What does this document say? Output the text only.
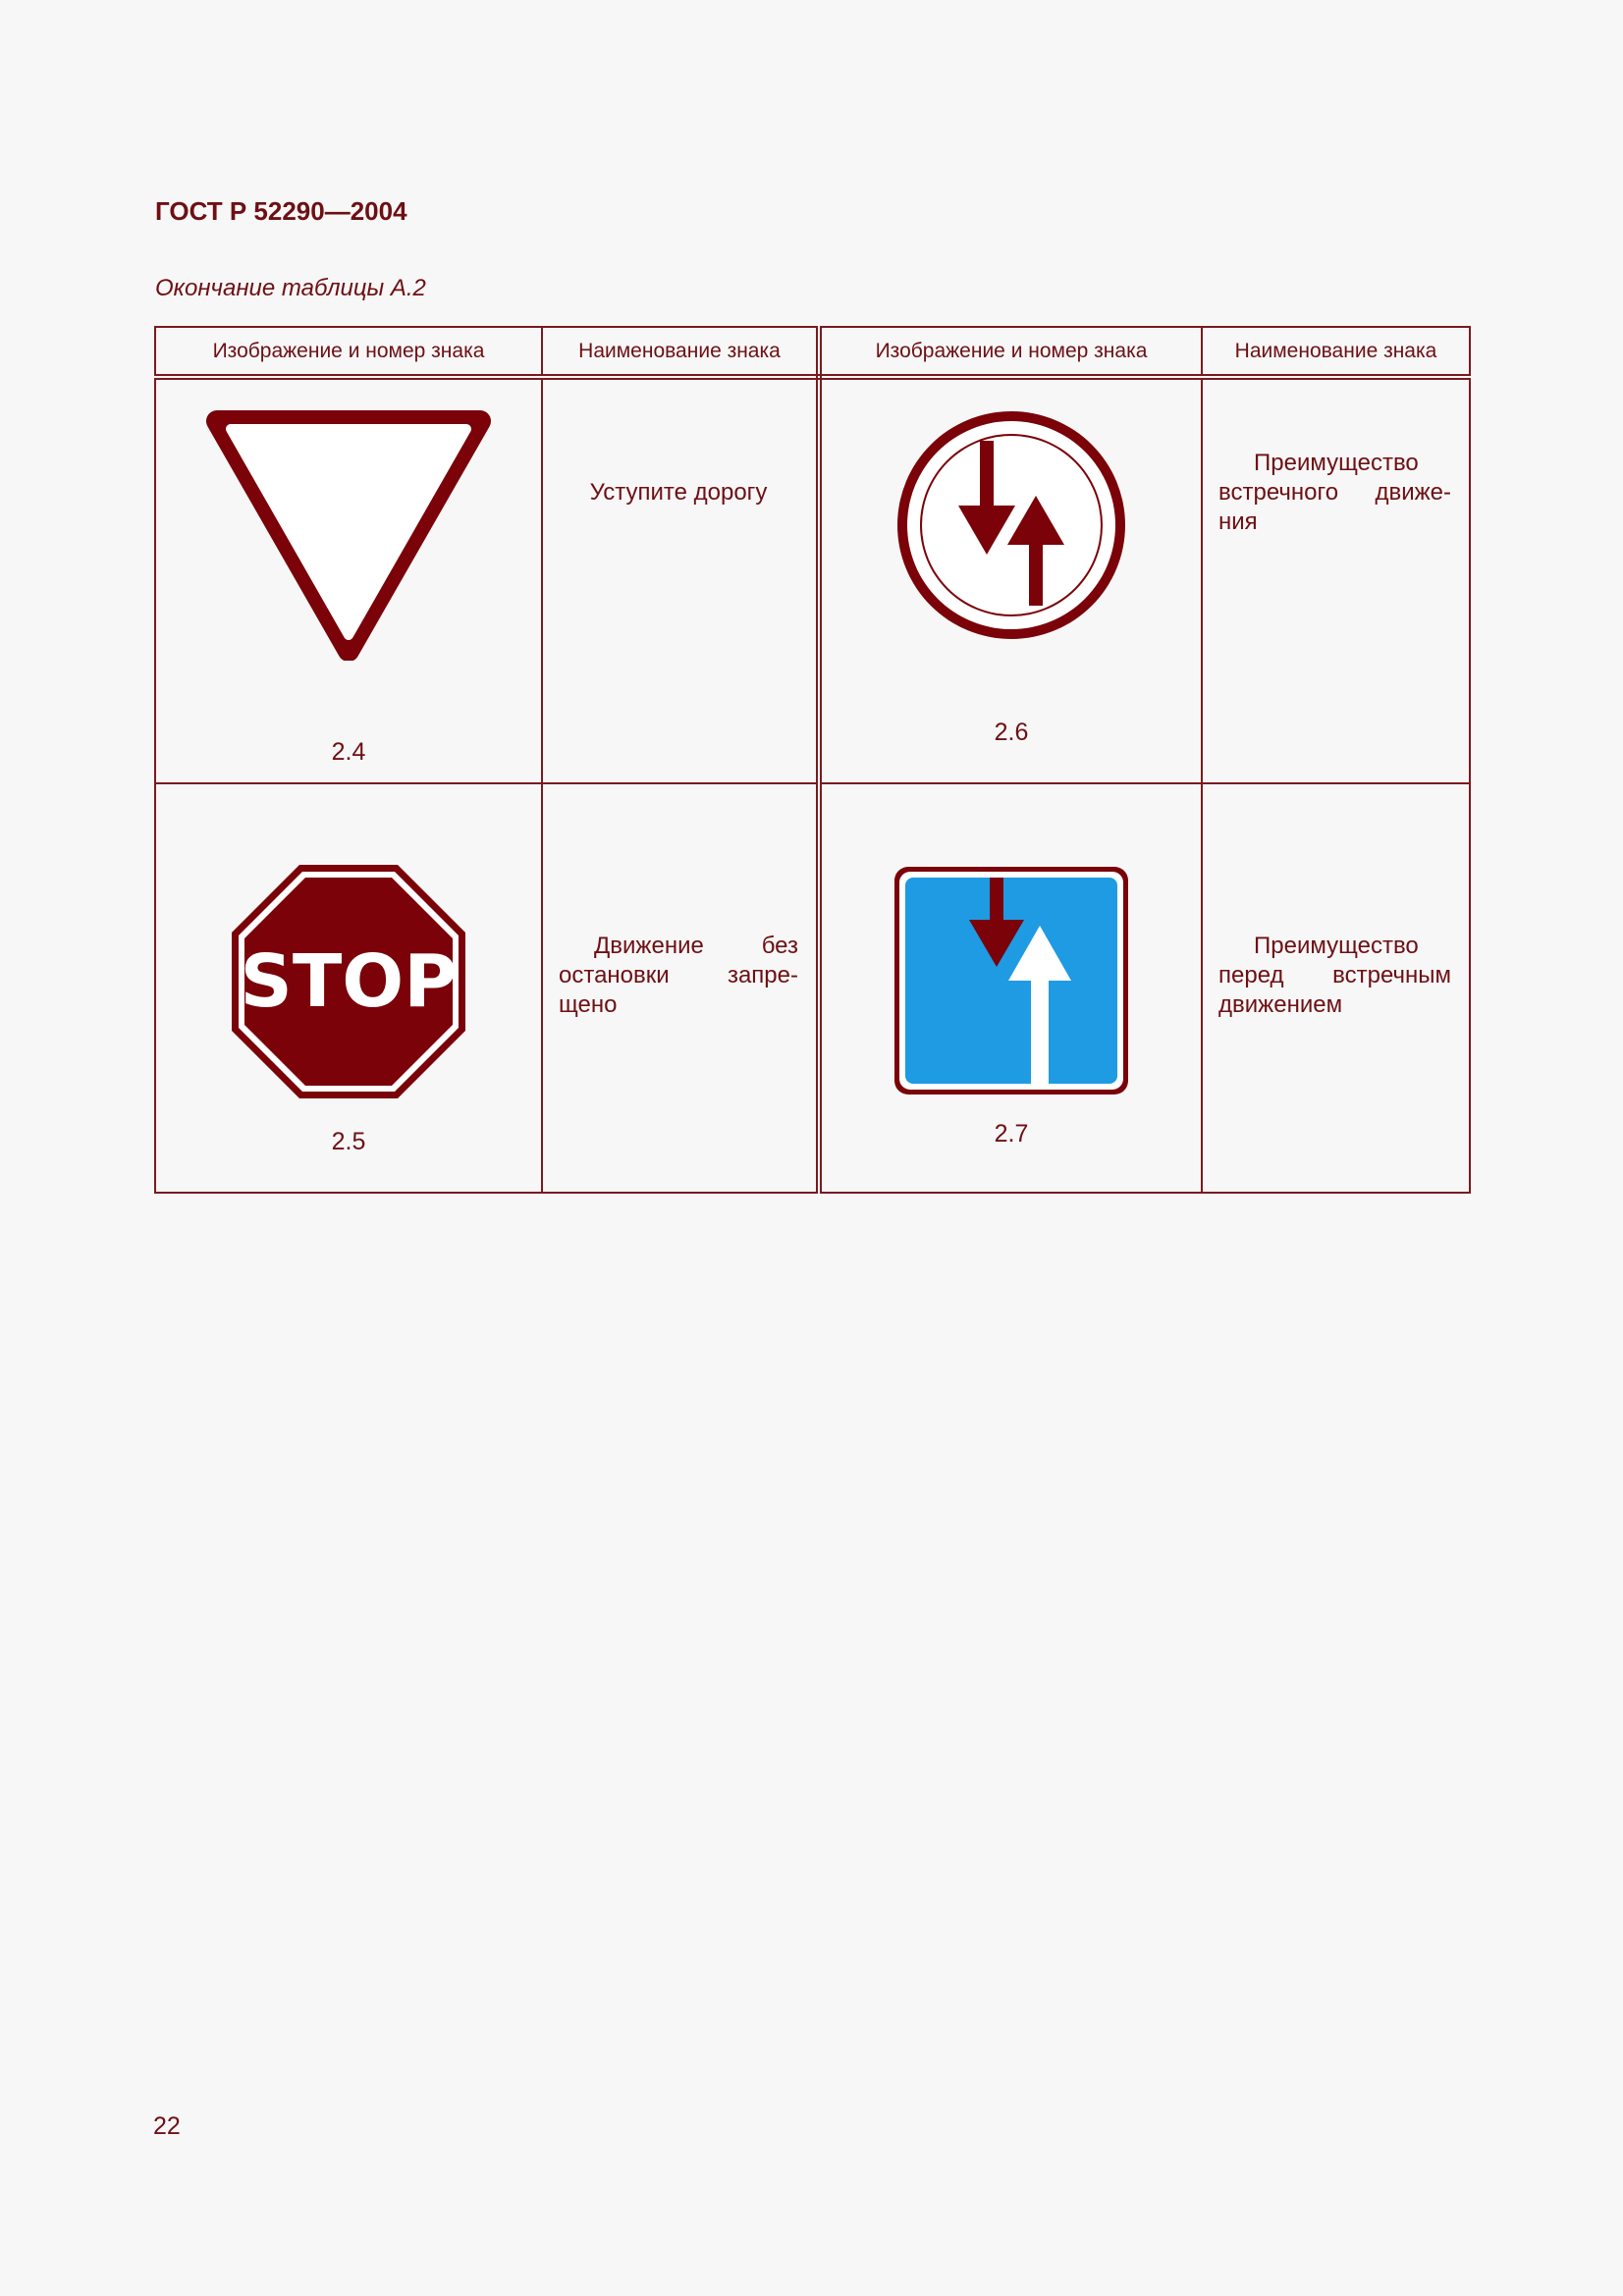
ГОСТ Р 52290—2004
Окончание таблицы А.2
Изображение и номер знака	Наименование знака	Изображение и номер знака	Наименование знака

2.4	Уступите дорогу	2.6	Преимущество встречного движе-ния

STOP
2.5	Движение без остановки запре-щено	2.7	Преимущество перед встречным движением
22
